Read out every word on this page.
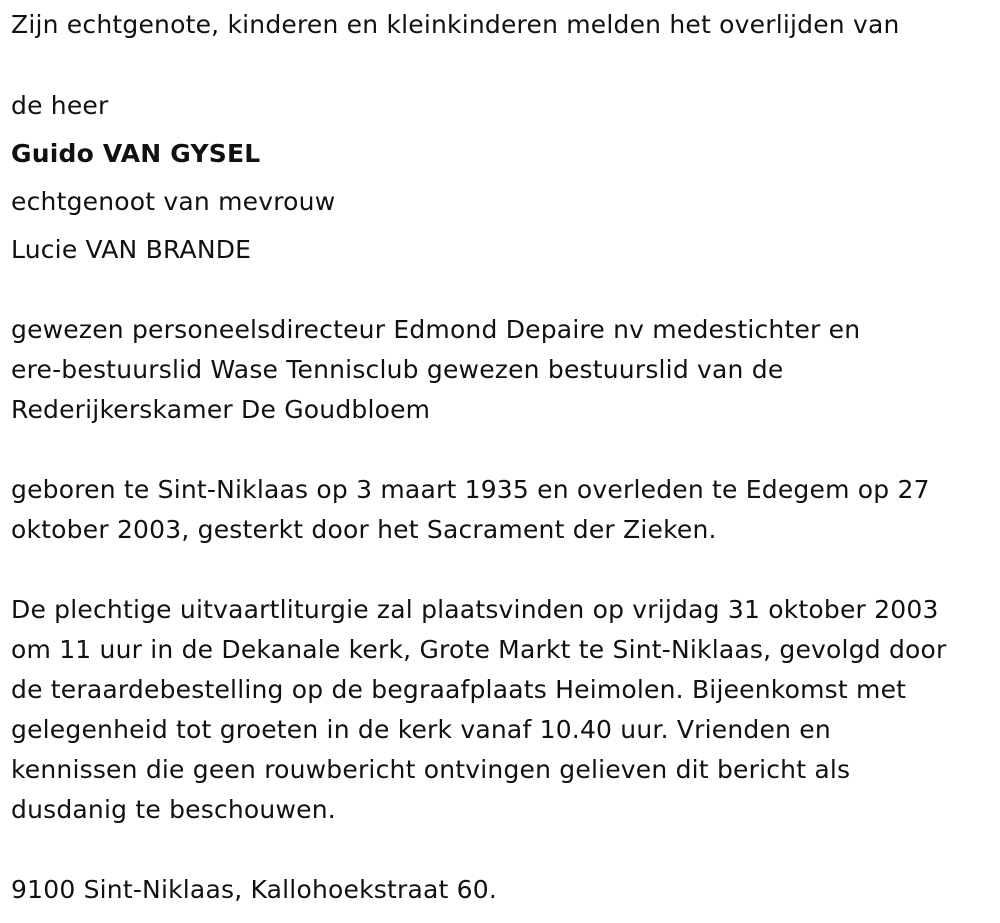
Zijn echtgenote, kinderen en kleinkinderen melden het overlijden van
de heer
Guido VAN GYSEL
echtgenoot van mevrouw
Lucie VAN BRANDE
gewezen personeelsdirecteur Edmond Depaire nv medestichter en
ere-bestuurslid Wase Tennisclub gewezen bestuurslid van de
Rederijkerskamer De Goudbloem
geboren te Sint-Niklaas op 3 maart 1935 en overleden te Edegem op 27
oktober 2003, gesterkt door het Sacrament der Zieken.
De plechtige uitvaartliturgie zal plaatsvinden op vrijdag 31 oktober 2003
om 11 uur in de Dekanale kerk, Grote Markt te Sint-Niklaas, gevolgd door
de teraardebestelling op de begraafplaats Heimolen. Bijeenkomst met
gelegenheid tot groeten in de kerk vanaf 10.40 uur. Vrienden en
kennissen die geen rouwbericht ontvingen gelieven dit bericht als
dusdanig te beschouwen.
9100 Sint-Niklaas, Kallohoekstraat 60.
